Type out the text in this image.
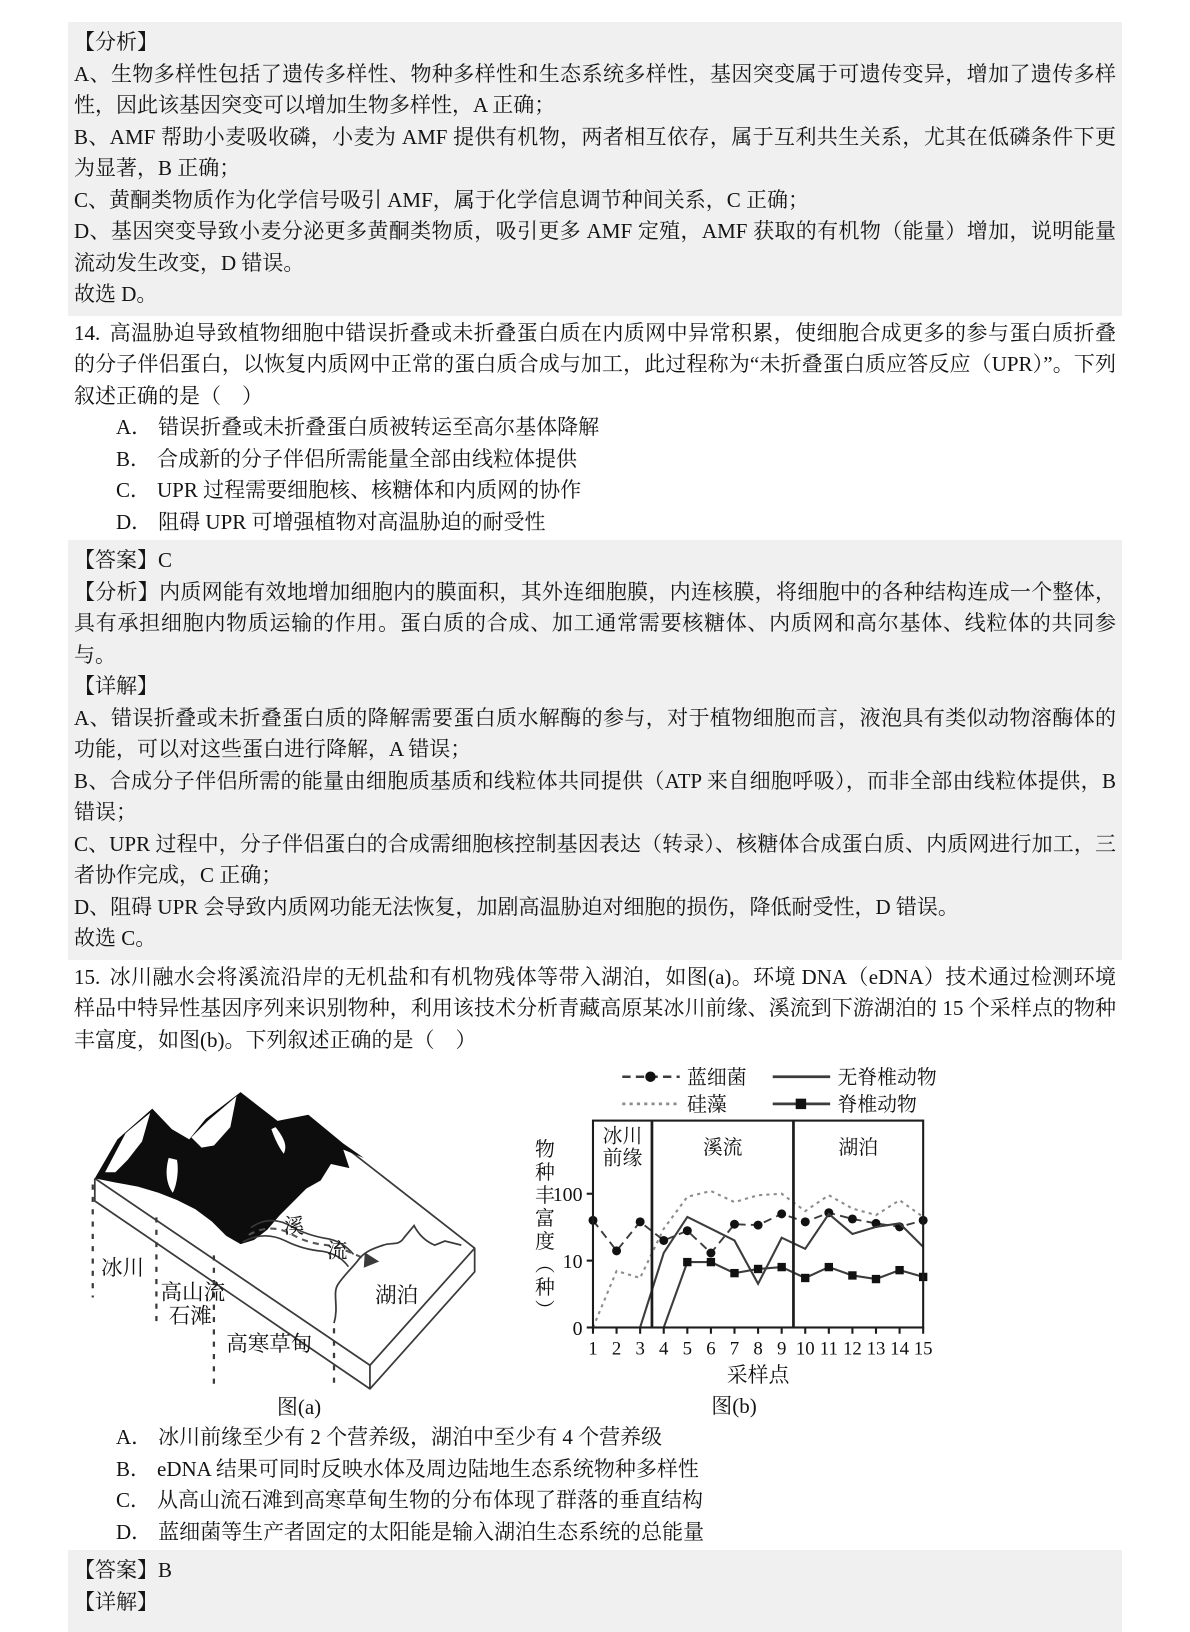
【分析】

A、生物多样性包括了遗传多样性、物种多样性和生态系统多样性，基因突变属于可遗传变异，增加了遗传多样性，因此该基因突变可以增加生物多样性，A 正确；

B、AMF 帮助小麦吸收磷，小麦为 AMF 提供有机物，两者相互依存，属于互利共生关系，尤其在低磷条件下更为显著，B 正确；

C、黄酮类物质作为化学信号吸引 AMF，属于化学信息调节种间关系，C 正确；

D、基因突变导致小麦分泌更多黄酮类物质，吸引更多 AMF 定殖，AMF 获取的有机物（能量）增加，说明能量流动发生改变，D 错误。

故选 D。

14. 高温胁迫导致植物细胞中错误折叠或未折叠蛋白质在内质网中异常积累，使细胞合成更多的参与蛋白质折叠的分子伴侣蛋白，以恢复内质网中正常的蛋白质合成与加工，此过程称为“未折叠蛋白质应答反应（UPR）”。下列叙述正确的是（　）

A． 错误折叠或未折叠蛋白质被转运至高尔基体降解

B． 合成新的分子伴侣所需能量全部由线粒体提供

C． UPR 过程需要细胞核、核糖体和内质网的协作

D． 阻碍 UPR 可增强植物对高温胁迫的耐受性

【答案】C

【分析】内质网能有效地增加细胞内的膜面积，其外连细胞膜，内连核膜，将细胞中的各种结构连成一个整体，具有承担细胞内物质运输的作用。蛋白质的合成、加工通常需要核糖体、内质网和高尔基体、线粒体的共同参与。

【详解】

A、错误折叠或未折叠蛋白质的降解需要蛋白质水解酶的参与，对于植物细胞而言，液泡具有类似动物溶酶体的功能，可以对这些蛋白进行降解，A 错误；

B、合成分子伴侣所需的能量由细胞质基质和线粒体共同提供（ATP 来自细胞呼吸），而非全部由线粒体提供，B 错误；

C、UPR 过程中，分子伴侣蛋白的合成需细胞核控制基因表达（转录）、核糖体合成蛋白质、内质网进行加工，三者协作完成，C 正确；

D、阻碍 UPR 会导致内质网功能无法恢复，加剧高温胁迫对细胞的损伤，降低耐受性，D 错误。

故选 C。

15. 冰川融水会将溪流沿岸的无机盐和有机物残体等带入湖泊，如图(a)。环境 DNA（eDNA）技术通过检测环境样品中特异性基因序列来识别物种，利用该技术分析青藏高原某冰川前缘、溪流到下游湖泊的 15 个采样点的物种丰富度，如图(b)。下列叙述正确的是（　）

冰川
高山流
石滩
高寒草甸
溪
流
湖泊
图(a)
蓝细菌	无脊椎动物
硅藻	脊椎动物
冰川前缘	溪流	湖泊
0
10
100
1 2 3 4 5 6 7 8 9 10 11 12 13 14 15
采样点
物种丰富度︵种︶
图(b)

A． 冰川前缘至少有 2 个营养级，湖泊中至少有 4 个营养级

B． eDNA 结果可同时反映水体及周边陆地生态系统物种多样性

C． 从高山流石滩到高寒草甸生物的分布体现了群落的垂直结构

D． 蓝细菌等生产者固定的太阳能是输入湖泊生态系统的总能量

【答案】B

【详解】
